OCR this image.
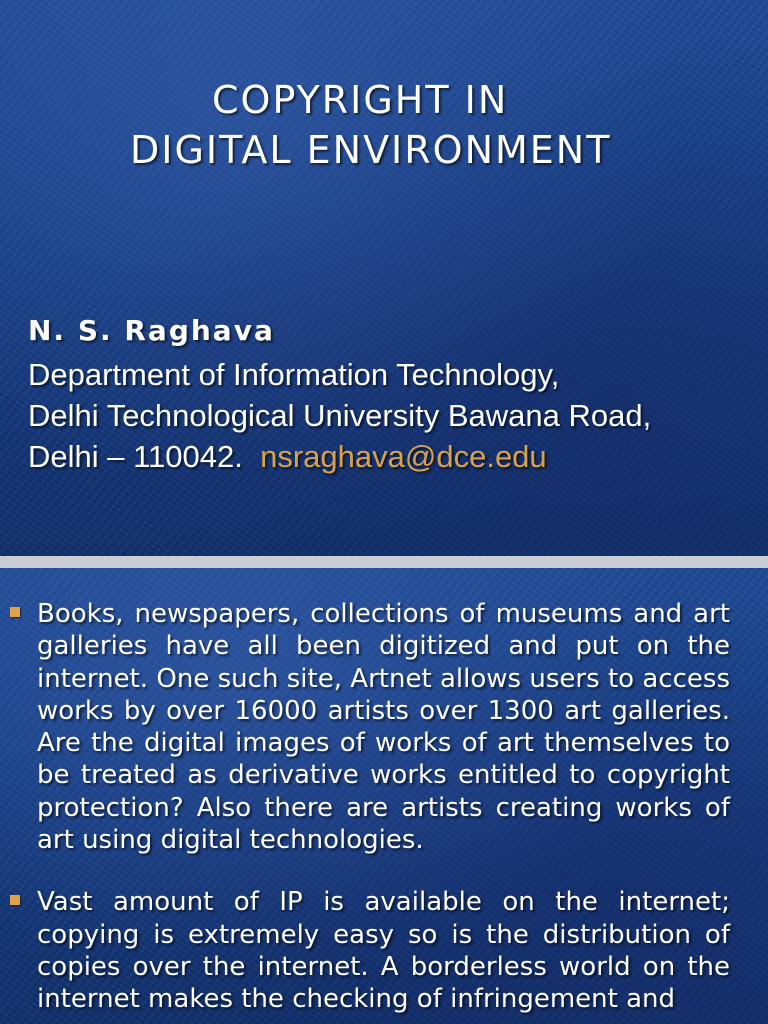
COPYRIGHT IN
DIGITAL ENVIRONMENT
N. S. Raghava
Department of Information Technology,
Delhi Technological University Bawana Road,
Delhi – 110042. nsraghava@dce.edu
Books, newspapers, collections of museums and art galleries have all been digitized and put on the internet. One such site, Artnet allows users to access works by over 16000 artists over 1300 art galleries. Are the digital images of works of art themselves to be treated as derivative works entitled to copyright protection? Also there are artists creating works of art using digital technologies.
Vast amount of IP is available on the internet; copying is extremely easy so is the distribution of copies over the internet. A borderless world on the internet makes the checking of infringement and
